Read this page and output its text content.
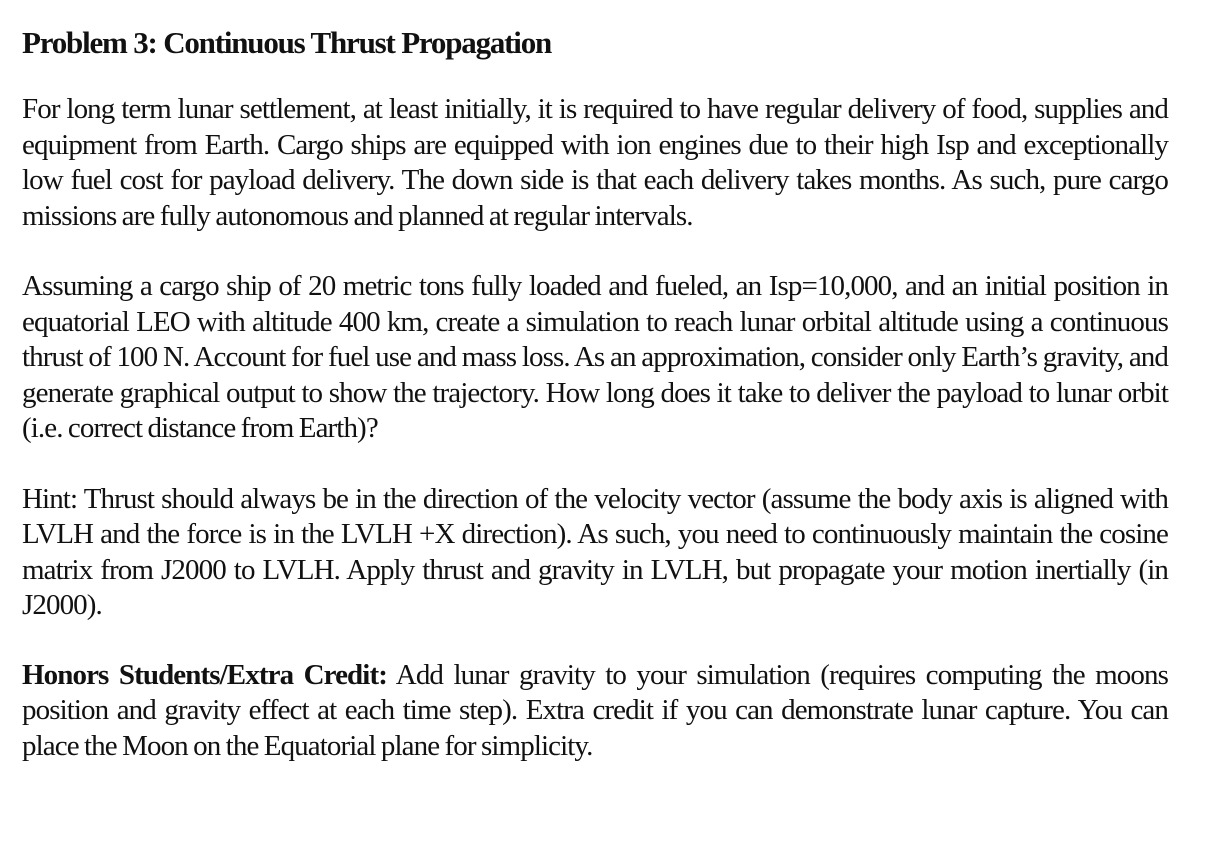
Problem 3: Continuous Thrust Propagation

For long term lunar settlement, at least initially, it is required to have regular delivery of food, supplies and equipment from Earth. Cargo ships are equipped with ion engines due to their high Isp and exceptionally low fuel cost for payload delivery. The down side is that each delivery takes months. As such, pure cargo missions are fully autonomous and planned at regular intervals.

Assuming a cargo ship of 20 metric tons fully loaded and fueled, an Isp=10,000, and an initial position in equatorial LEO with altitude 400 km, create a simulation to reach lunar orbital altitude using a continuous thrust of 100 N. Account for fuel use and mass loss. As an approximation, consider only Earth’s gravity, and generate graphical output to show the trajectory. How long does it take to deliver the payload to lunar orbit (i.e. correct distance from Earth)?

Hint: Thrust should always be in the direction of the velocity vector (assume the body axis is aligned with LVLH and the force is in the LVLH +X direction). As such, you need to continuously maintain the cosine matrix from J2000 to LVLH. Apply thrust and gravity in LVLH, but propagate your motion inertially (in J2000).

Honors Students/Extra Credit: Add lunar gravity to your simulation (requires computing the moons position and gravity effect at each time step). Extra credit if you can demonstrate lunar capture. You can place the Moon on the Equatorial plane for simplicity.
